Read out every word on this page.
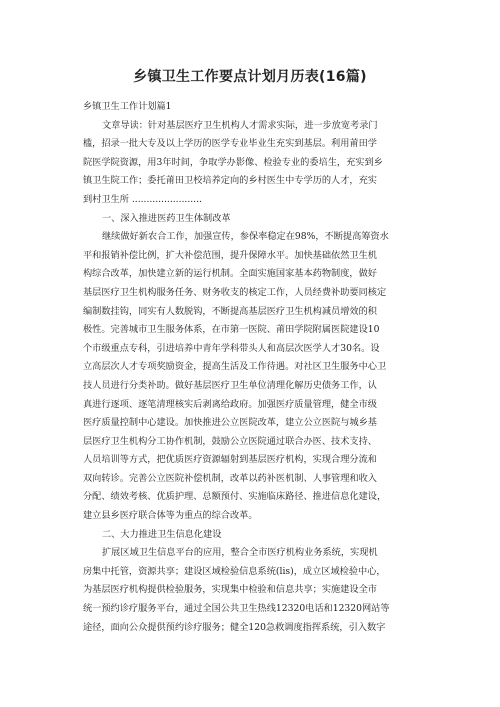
乡镇卫生工作要点计划月历表(16篇)
乡镇卫生工作计划篇1
文章导读：针对基层医疗卫生机构人才需求实际，进一步放宽考录门
槛，招录一批大专及以上学历的医学专业毕业生充实到基层。利用莆田学
院医学院资源，用3年时间，争取学办影像、检验专业的委培生，充实到乡
镇卫生院工作；委托莆田卫校培养定向的乡村医生中专学历的人才，充实
到村卫生所 ........................
一、深入推进医药卫生体制改革
继续做好新农合工作，加强宣传，参保率稳定在98%，不断提高筹资水
平和报销补偿比例，扩大补偿范围，提升保障水平。加快基础依然卫生机
构综合改革，加快建立新的运行机制。全面实施国家基本药物制度，做好
基层医疗卫生机构服务任务、财务收支的核定工作，人员经费补助要同核定
编制数挂钩，同实有人数脱钩，不断提高基层医疗卫生机构减员增效的积
极性。完善城市卫生服务体系，在市第一医院、莆田学院附属医院建设10
个市级重点专科，引进培养中青年学科带头人和高层次医学人才30名。设
立高层次人才专项奖励资金，提高生活及工作待遇。对社区卫生服务中心卫
技人员进行分类补助。做好基层医疗卫生单位清理化解历史债务工作，认
真进行逐项、逐笔清理核实后剥离给政府。加强医疗质量管理，健全市级
医疗质量控制中心建设。加快推进公立医院改革，建立公立医院与城乡基
层医疗卫生机构分工协作机制，鼓励公立医院通过联合办医、技术支持、
人员培训等方式，把优质医疗资源辐射到基层医疗机构，实现合理分流和
双向转诊。完善公立医院补偿机制，改革以药补医机制、人事管理和收入
分配、绩效考核、优质护理、总额预付、实施临床路径、推进信息化建设，
建立县乡医疗联合体等为重点的综合改革。
二、大力推进卫生信息化建设
扩展区域卫生信息平台的应用，整合全市医疗机构业务系统，实现机
房集中托管，资源共享；建设区域检验信息系统(lis)，成立区域检验中心，
为基层医疗机构提供检验服务，实现集中检验和信息共享；实施建设全市
统一预约诊疗服务平台，通过全国公共卫生热线12320电话和12320网站等
途径，面向公众提供预约诊疗服务；健全120急救调度指挥系统，引入数字
